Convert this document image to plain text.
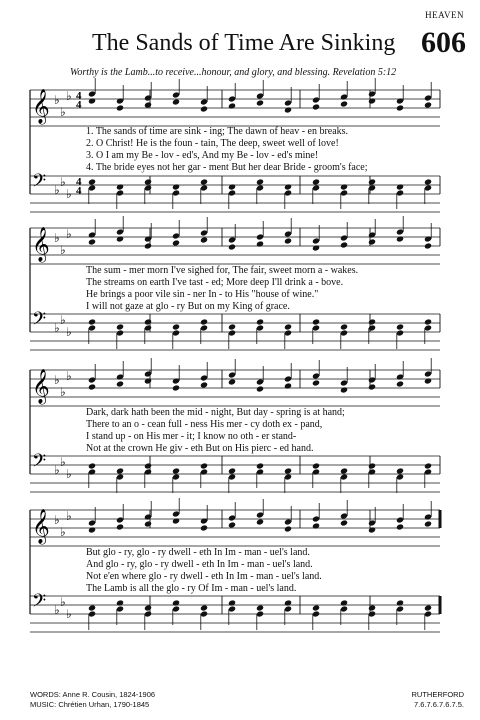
HEAVEN
The Sands of Time Are Sinking 606
Worthy is the Lamb...to receive...honour, and glory, and blessing. Revelation 5:12
𝄞 ♭
♭
♭ 4
4
𝄢 ♭
♭
♭
4
4
𝄞 ♭
♭
♭
𝄢 ♭
♭
♭
𝄞 ♭
♭
♭
𝄢 ♭
♭
♭
𝄞 ♭
♭
♭
𝄢 ♭
♭
♭
1. The sands of time are sink - ing; The dawn of heav - en breaks.
2. O Christ! He is the foun - tain, The deep, sweet well of love!
3. O I am my Be - lov - ed's, And my Be - lov - ed's mine!
4. The bride eyes not her gar - ment But her dear Bride - groom's face;
The sum - mer morn I've sighed for, The fair, sweet morn a - wakes.
The streams on earth I've tast - ed; More deep I'll drink a - bove.
He brings a poor vile sin - ner In - to His "house of wine."
I will not gaze at glo - ry But on my King of grace.
Dark, dark hath been the mid - night, But day - spring is at hand;
There to an o - cean full - ness His mer - cy doth ex - pand,
I stand up - on His mer - it; I know no oth - er stand-
Not at the crown He giv - eth But on His pierc - ed hand.
But glo - ry, glo - ry dwell - eth In Im - man - uel's land.
And glo - ry, glo - ry dwell - eth In Im - man - uel's land.
Not e'en where glo - ry dwell - eth In Im - man - uel's land.
The Lamb is all the glo - ry Of Im - man - uel's land.
WORDS: Anne R. Cousin, 1824-1906
MUSIC: Chrétien Urhan, 1790-1845
RUTHERFORD
7.6.7.6.7.6.7.5.
